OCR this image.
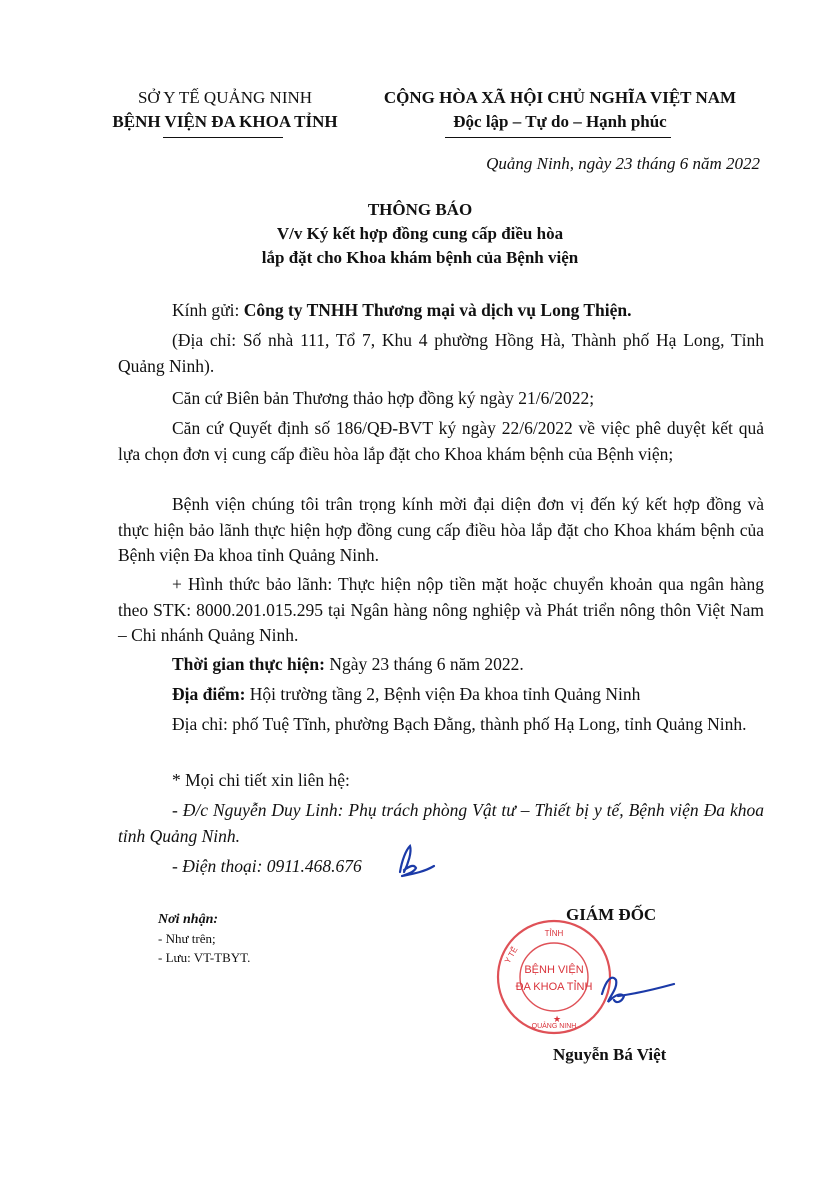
SỞ Y TẾ QUẢNG NINH
BỆNH VIỆN ĐA KHOA TỈNH
CỘNG HÒA XÃ HỘI CHỦ NGHĨA VIỆT NAM
Độc lập – Tự do – Hạnh phúc
Quảng Ninh, ngày 23 tháng 6 năm 2022
THÔNG BÁO
V/v Ký kết hợp đồng cung cấp điều hòa
lắp đặt cho Khoa khám bệnh của Bệnh viện
Kính gửi: Công ty TNHH Thương mại và dịch vụ Long Thiện.
(Địa chỉ: Số nhà 111, Tổ 7, Khu 4 phường Hồng Hà, Thành phố Hạ Long, Tỉnh Quảng Ninh).
Căn cứ Biên bản Thương thảo hợp đồng ký ngày 21/6/2022;
Căn cứ Quyết định số 186/QĐ-BVT ký ngày 22/6/2022 về việc phê duyệt kết quả lựa chọn đơn vị cung cấp điều hòa lắp đặt cho Khoa khám bệnh của Bệnh viện;
Bệnh viện chúng tôi trân trọng kính mời đại diện đơn vị đến ký kết hợp đồng và thực hiện bảo lãnh thực hiện hợp đồng cung cấp điều hòa lắp đặt cho Khoa khám bệnh của Bệnh viện Đa khoa tỉnh Quảng Ninh.
+ Hình thức bảo lãnh: Thực hiện nộp tiền mặt hoặc chuyển khoản qua ngân hàng theo STK: 8000.201.015.295 tại Ngân hàng nông nghiệp và Phát triển nông thôn Việt Nam – Chi nhánh Quảng Ninh.
Thời gian thực hiện: Ngày 23 tháng 6 năm 2022.
Địa điểm: Hội trường tầng 2, Bệnh viện Đa khoa tỉnh Quảng Ninh
Địa chỉ: phố Tuệ Tĩnh, phường Bạch Đằng, thành phố Hạ Long, tỉnh Quảng Ninh.
* Mọi chi tiết xin liên hệ:
- Đ/c Nguyễn Duy Linh: Phụ trách phòng Vật tư – Thiết bị y tế, Bệnh viện Đa khoa tỉnh Quảng Ninh.
- Điện thoại: 0911.468.676
Nơi nhận:
- Như trên;
- Lưu: VT-TBYT.
GIÁM ĐỐC
TỈNH
Y TẾ
QUẢNG NINH
BỆNH VIỆN
ĐA KHOA TỈNH
★
Nguyễn Bá Việt
